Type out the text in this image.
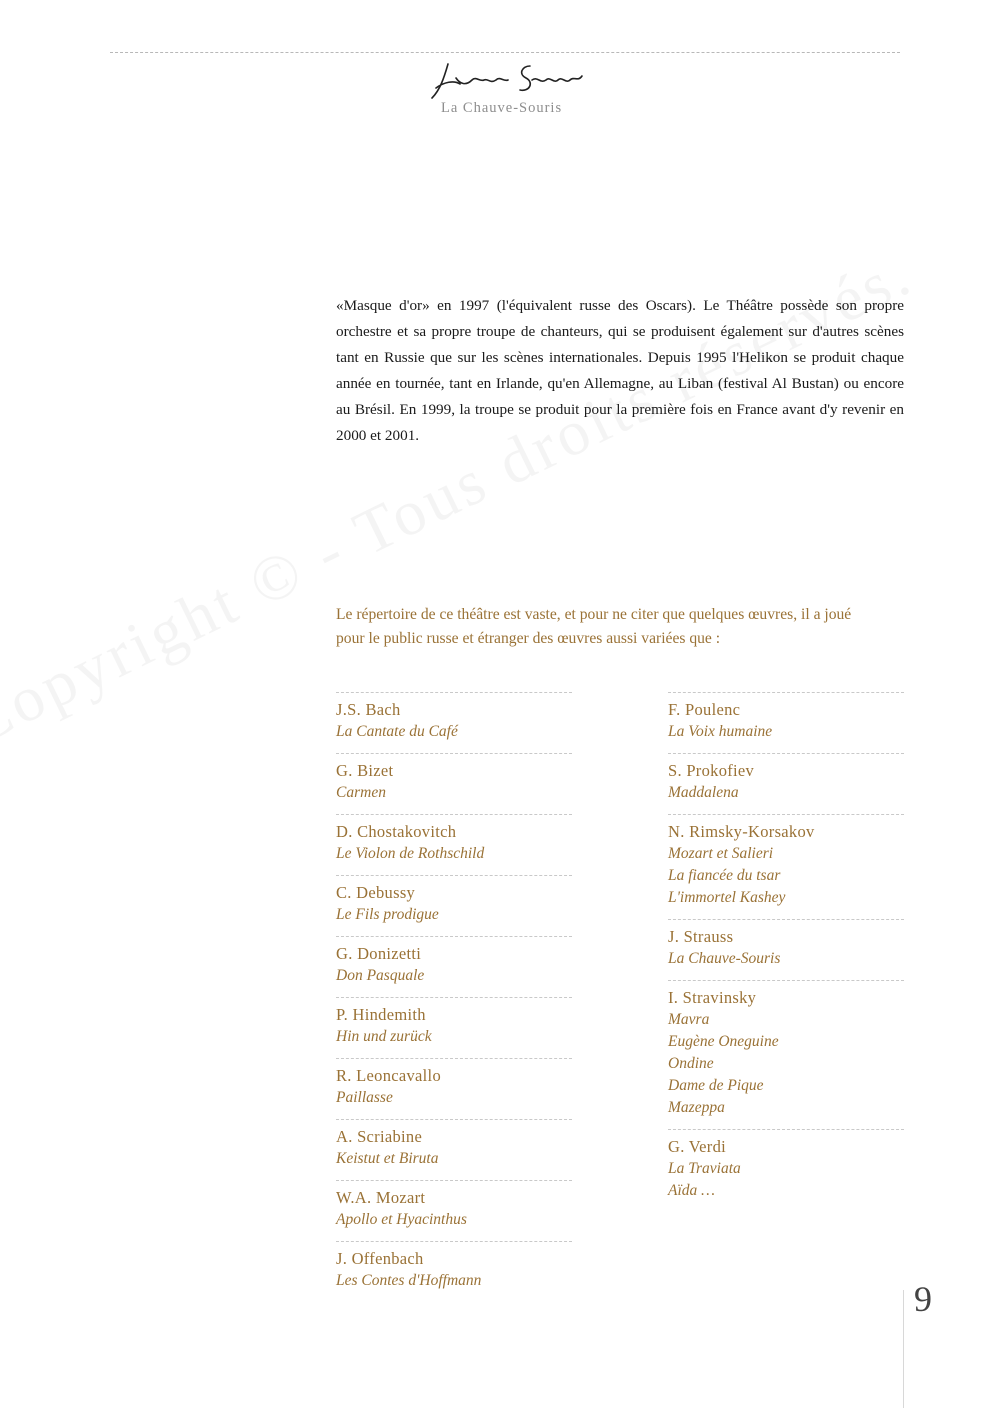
La Chauve-Souris

«Masque d'or» en 1997 (l'équivalent russe des Oscars). Le Théâtre possède son propre orchestre et sa propre troupe de chanteurs, qui se produisent également sur d'autres scènes tant en Russie que sur les scènes internationales. Depuis 1995 l'Helikon se produit chaque année en tournée, tant en Irlande, qu'en Allemagne, au Liban (festival Al Bustan) ou encore au Brésil. En 1999, la troupe se produit pour la première fois en France avant d'y revenir en 2000 et 2001.

Le répertoire de ce théâtre est vaste, et pour ne citer que quelques œuvres, il a joué pour le public russe et étranger des œuvres aussi variées que :

J.S. Bach
La Cantate du Café
G. Bizet
Carmen
D. Chostakovitch
Le Violon de Rothschild
C. Debussy
Le Fils prodigue
G. Donizetti
Don Pasquale
P. Hindemith
Hin und zurück
R. Leoncavallo
Paillasse
A. Scriabine
Keistut et Biruta
W.A. Mozart
Apollo et Hyacinthus
J. Offenbach
Les Contes d'Hoffmann
F. Poulenc
La Voix humaine
S. Prokofiev
Maddalena
N. Rimsky-Korsakov
Mozart et Salieri
La fiancée du tsar
L'immortel Kashey
J. Strauss
La Chauve-Souris
I. Stravinsky
Mavra
Eugène Oneguine
Ondine
Dame de Pique
Mazeppa
G. Verdi
La Traviata
Aïda …
9
